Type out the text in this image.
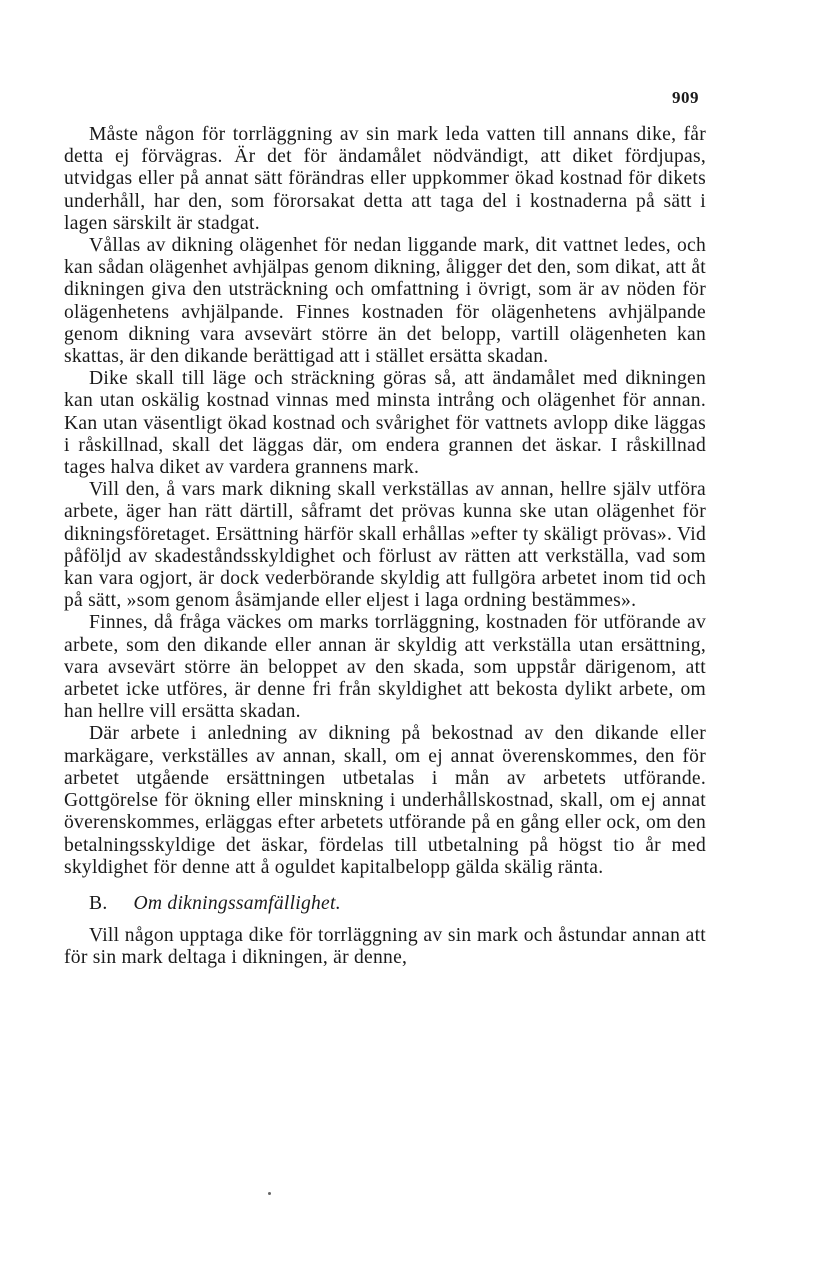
909

Måste någon för torrläggning av sin mark leda vatten till annans dike, får detta ej förvägras. Är det för ändamålet nödvändigt, att diket fördjupas, utvidgas eller på annat sätt förändras eller uppkommer ökad kostnad för dikets underhåll, har den, som förorsakat detta att taga del i kostnaderna på sätt i lagen särskilt är stadgat.

Vållas av dikning olägenhet för nedan liggande mark, dit vattnet ledes, och kan sådan olägenhet avhjälpas genom dikning, åligger det den, som dikat, att åt dikningen giva den utsträckning och omfattning i övrigt, som är av nöden för olägenhetens avhjälpande. Finnes kostnaden för olägenhetens avhjälpande genom dikning vara avsevärt större än det belopp, vartill olägenheten kan skattas, är den dikande berättigad att i stället ersätta skadan.

Dike skall till läge och sträckning göras så, att ändamålet med dikningen kan utan oskälig kostnad vinnas med minsta intrång och olägenhet för annan. Kan utan väsentligt ökad kostnad och svårighet för vattnets avlopp dike läggas i råskillnad, skall det läggas där, om endera grannen det äskar. I råskillnad tages halva diket av vardera grannens mark.

Vill den, å vars mark dikning skall verkställas av annan, hellre själv utföra arbete, äger han rätt därtill, såframt det prövas kunna ske utan olägenhet för dikningsföretaget. Ersättning härför skall erhållas »efter ty skäligt prövas». Vid påföljd av skadeståndsskyldighet och förlust av rätten att verkställa, vad som kan vara ogjort, är dock vederbörande skyldig att fullgöra arbetet inom tid och på sätt, »som genom åsämjande eller eljest i laga ordning bestämmes».

Finnes, då fråga väckes om marks torrläggning, kostnaden för utförande av arbete, som den dikande eller annan är skyldig att verkställa utan ersättning, vara avsevärt större än beloppet av den skada, som uppstår därigenom, att arbetet icke utföres, är denne fri från skyldighet att bekosta dylikt arbete, om han hellre vill ersätta skadan.

Där arbete i anledning av dikning på bekostnad av den dikande eller markägare, verkställes av annan, skall, om ej annat överenskommes, den för arbetet utgående ersättningen utbetalas i mån av arbetets utförande. Gottgörelse för ökning eller minskning i underhållskostnad, skall, om ej annat överenskommes, erläggas efter arbetets utförande på en gång eller ock, om den betalningsskyldige det äskar, fördelas till utbetalning på högst tio år med skyldighet för denne att å oguldet kapitalbelopp gälda skälig ränta.

B. Om dikningssamfällighet.

Vill någon upptaga dike för torrläggning av sin mark och åstundar annan att för sin mark deltaga i dikningen, är denne,
